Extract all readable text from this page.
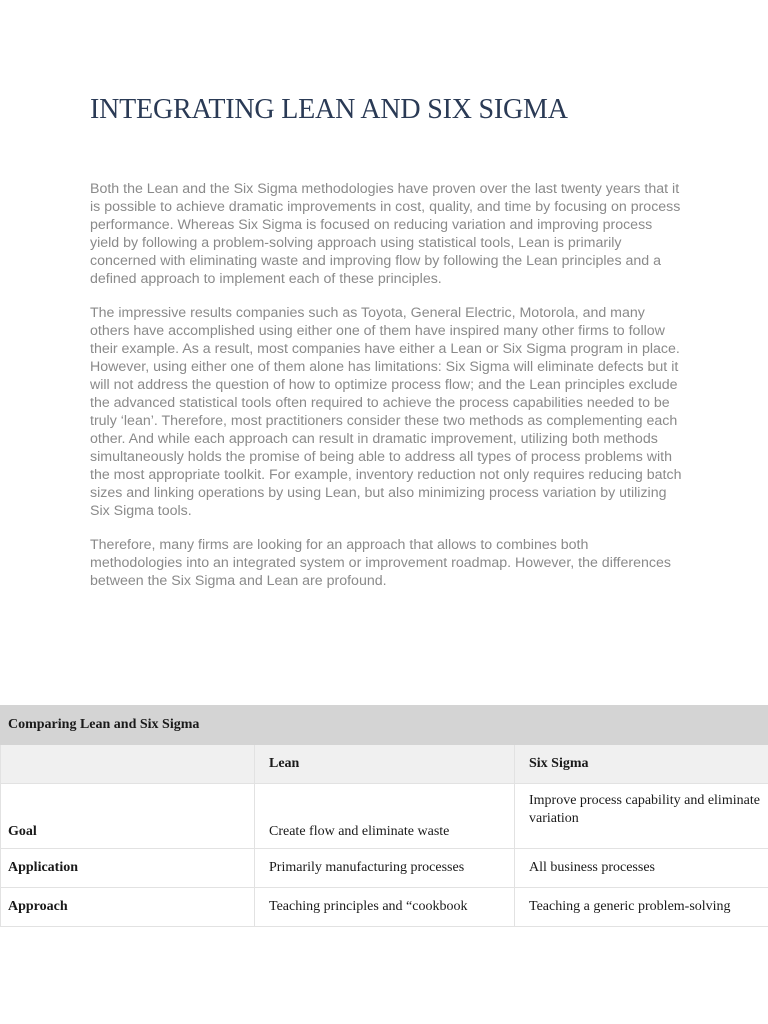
INTEGRATING LEAN AND SIX SIGMA

Both the Lean and the Six Sigma methodologies have proven over the last twenty years that it is possible to achieve dramatic improvements in cost, quality, and time by focusing on process performance. Whereas Six Sigma is focused on reducing variation and improving process yield by following a problem-solving approach using statistical tools, Lean is primarily concerned with eliminating waste and improving flow by following the Lean principles and a defined approach to implement each of these principles.

The impressive results companies such as Toyota, General Electric, Motorola, and many others have accomplished using either one of them have inspired many other firms to follow their example. As a result, most companies have either a Lean or Six Sigma program in place. However, using either one of them alone has limitations: Six Sigma will eliminate defects but it will not address the question of how to optimize process flow; and the Lean principles exclude the advanced statistical tools often required to achieve the process capabilities needed to be truly ‘lean’. Therefore, most practitioners consider these two methods as complementing each other. And while each approach can result in dramatic improvement, utilizing both methods simultaneously holds the promise of being able to address all types of process problems with the most appropriate toolkit. For example, inventory reduction not only requires reducing batch sizes and linking operations by using Lean, but also minimizing process variation by utilizing Six Sigma tools.

Therefore, many firms are looking for an approach that allows to combines both methodologies into an integrated system or improvement roadmap. However, the differences between the Six Sigma and Lean are profound.

Comparing Lean and Six Sigma		
	Lean	Six Sigma
Goal	Create flow and eliminate waste	Improve process capability and eliminate variation
Application	Primarily manufacturing processes	All business processes
Approach	Teaching principles and “cookbook	Teaching a generic problem-solving
